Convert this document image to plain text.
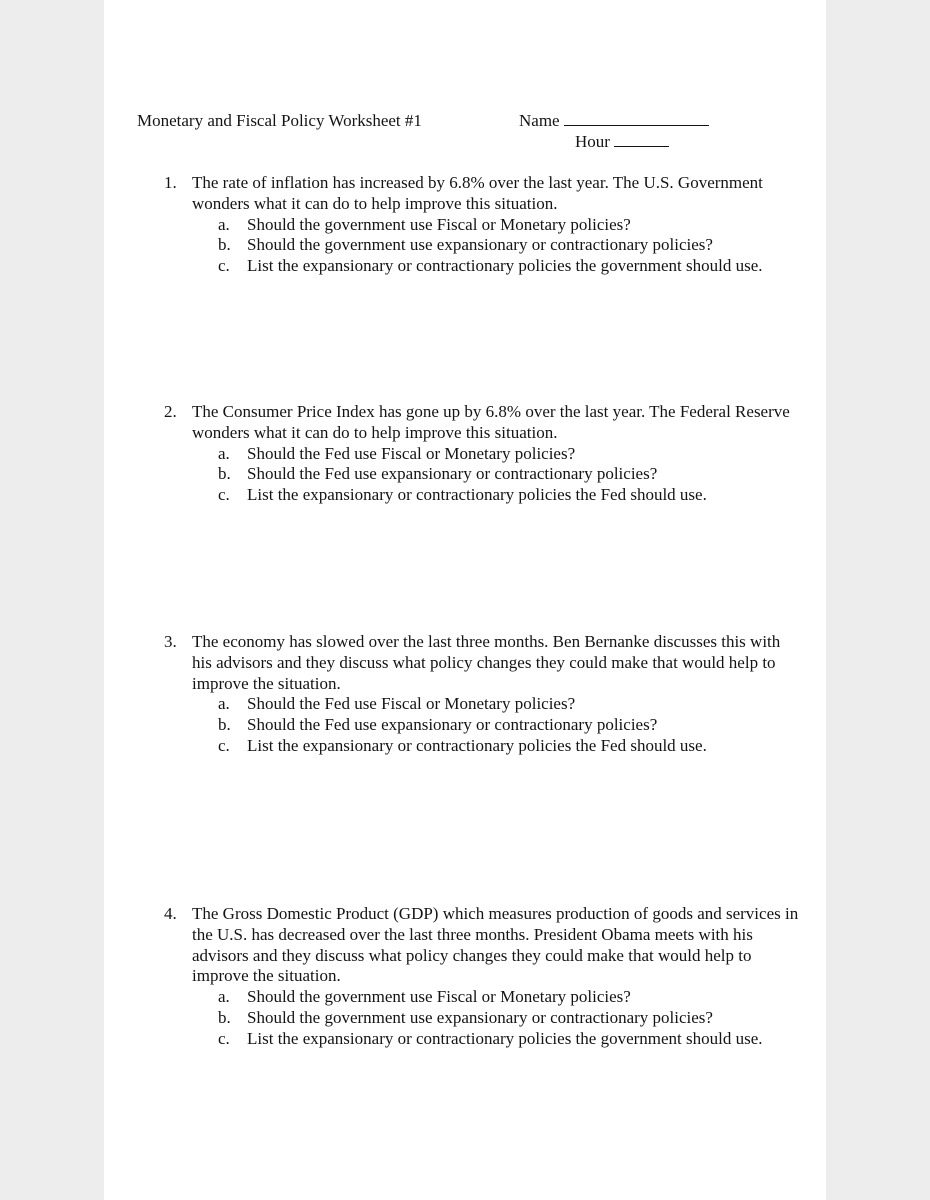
Monetary and Fiscal Policy Worksheet #1	Name
Hour
1. The rate of inflation has increased by 6.8% over the last year. The U.S. Government wonders what it can do to help improve this situation.
a. Should the government use Fiscal or Monetary policies?
b. Should the government use expansionary or contractionary policies?
c. List the expansionary or contractionary policies the government should use.
2. The Consumer Price Index has gone up by 6.8% over the last year. The Federal Reserve wonders what it can do to help improve this situation.
a. Should the Fed use Fiscal or Monetary policies?
b. Should the Fed use expansionary or contractionary policies?
c. List the expansionary or contractionary policies the Fed should use.
3. The economy has slowed over the last three months. Ben Bernanke discusses this with his advisors and they discuss what policy changes they could make that would help to improve the situation.
a. Should the Fed use Fiscal or Monetary policies?
b. Should the Fed use expansionary or contractionary policies?
c. List the expansionary or contractionary policies the Fed should use.
4. The Gross Domestic Product (GDP) which measures production of goods and services in the U.S. has decreased over the last three months. President Obama meets with his advisors and they discuss what policy changes they could make that would help to improve the situation.
a. Should the government use Fiscal or Monetary policies?
b. Should the government use expansionary or contractionary policies?
c. List the expansionary or contractionary policies the government should use.
